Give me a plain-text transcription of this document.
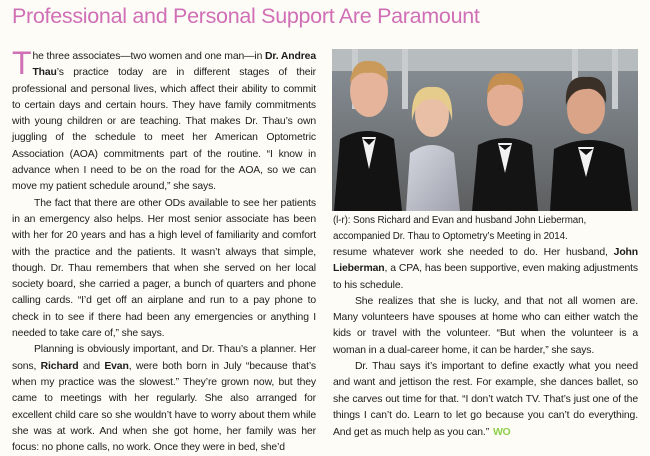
Professional and Personal Support Are Paramount

The three associates—two women and one man—in Dr. Andrea Thau’s practice today are in different stages of their professional and personal lives, which affect their ability to commit to certain days and certain hours. They have family commitments with young children or are teaching. That makes Dr. Thau’s own juggling of the schedule to meet her American Optometric Association (AOA) commitments part of the routine. “I know in advance when I need to be on the road for the AOA, so we can move my patient schedule around,” she says.

The fact that there are other ODs available to see her patients in an emergency also helps. Her most senior associate has been with her for 20 years and has a high level of familiarity and comfort with the practice and the patients. It wasn’t always that simple, though. Dr. Thau remembers that when she served on her local society board, she carried a pager, a bunch of quarters and phone calling cards. “I’d get off an airplane and run to a pay phone to check in to see if there had been any emergencies or anything I needed to take care of,” she says.

Planning is obviously important, and Dr. Thau’s a planner. Her sons, Richard and Evan, were both born in July “because that’s when my practice was the slowest.” They’re grown now, but they came to meetings with her regularly. She also arranged for excellent child care so she wouldn’t have to worry about them while she was at work. And when she got home, her family was her focus: no phone calls, no work. Once they were in bed, she’d

(l-r): Sons Richard and Evan and husband John Lieberman, accompanied Dr. Thau to Optometry’s Meeting in 2014.

resume whatever work she needed to do. Her husband, John Lieberman, a CPA, has been supportive, even making adjustments to his schedule.

She realizes that she is lucky, and that not all women are. Many volunteers have spouses at home who can either watch the kids or travel with the volunteer. “But when the volunteer is a woman in a dual-career home, it can be harder,” she says.

Dr. Thau says it’s important to define exactly what you need and want and jettison the rest. For example, she dances ballet, so she carves out time for that. “I don’t watch TV. That’s just one of the things I can’t do. Learn to let go because you can’t do everything. And get as much help as you can.” WO
